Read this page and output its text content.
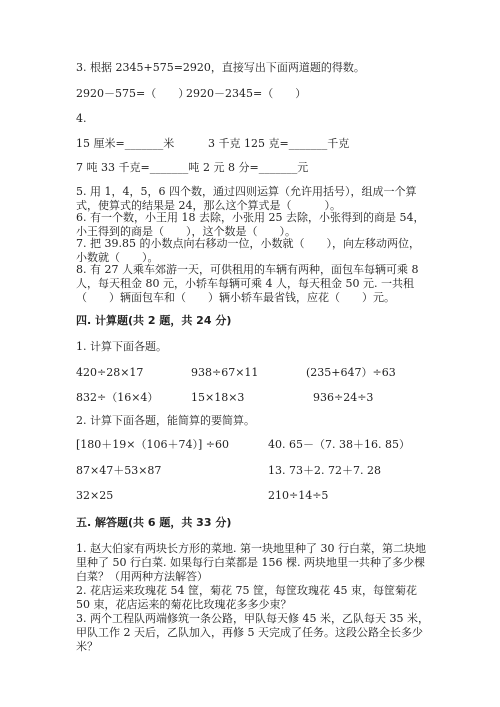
3. 根据 2345+575=2920，直接写出下面两道题的得数。
2920－575=（　　）
2920－2345=（　　）
4.
15 厘米=_______米	3 千克 125 克=_______千克
7 吨 33 千克=_______吨 2 元 8 分=_______元
5. 用 1，4，5，6 四个数，通过四则运算（允许用括号），组成一个算式，使算式的结果是 24，那么这个算式是（　　　）。
6. 有一个数，小王用 18 去除，小张用 25 去除，小张得到的商是 54，小王得到的商是（　　），这个数是（　　）。
7. 把 39.85 的小数点向右移动一位，小数就（　　），向左移动两位，小数就（　　）。
8. 有 27 人乘车郊游一天，可供租用的车辆有两种，面包车每辆可乘 8 人，每天租金 80 元，小轿车每辆可乘 4 人，每天租金 50 元. 一共租（　　）辆面包车和（　　）辆小轿车最省钱，应花（　　）元。
四. 计算题(共 2 题，共 24 分)
1. 计算下面各题。
420÷28×17	938÷67×11	(235+647）÷63
832÷（16×4）	15×18×3	936÷24÷3
2. 计算下面各题，能简算的要简算。
[180＋19×（106＋74）] ÷60	40. 65－（7. 38＋16. 85）
87×47＋53×87	13. 73＋2. 72＋7. 28
32×25	210÷14÷5
五. 解答题(共 6 题，共 33 分)
1. 赵大伯家有两块长方形的菜地. 第一块地里种了 30 行白菜，第二块地里种了 50 行白菜. 如果每行白菜都是 156 棵. 两块地里一共种了多少棵白菜？（用两种方法解答）
2. 花店运来玫瑰花 54 筐，菊花 75 筐，每筐玫瑰花 45 束，每筐菊花 50 束，花店运来的菊花比玫瑰花多多少束？
3. 两个工程队两端修筑一条公路，甲队每天修 45 米，乙队每天 35 米，甲队工作 2 天后，乙队加入，再修 5 天完成了任务。这段公路全长多少米？
